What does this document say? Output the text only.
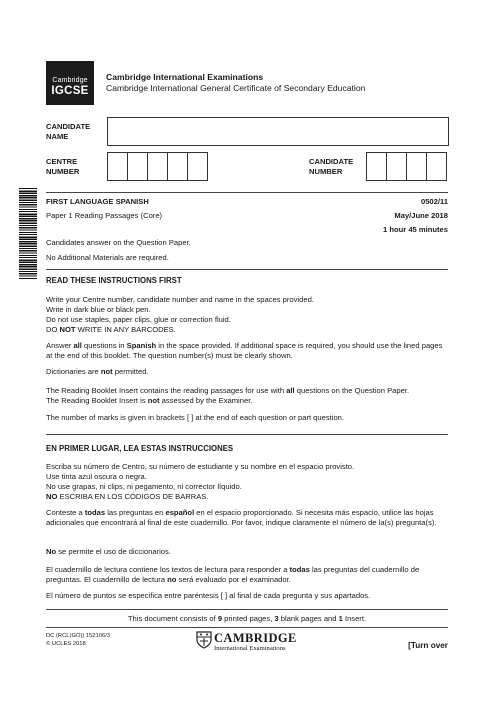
Cambridge
IGCSE
Cambridge International Examinations
Cambridge International General Certificate of Secondary Education
CANDIDATE
NAME
CENTRE
NUMBER
CANDIDATE
NUMBER
FIRST LANGUAGE SPANISH	0502/11
Paper 1 Reading Passages (Core)	May/June 2018
1 hour 45 minutes
Candidates answer on the Question Paper.
No Additional Materials are required.
READ THESE INSTRUCTIONS FIRST
Write your Centre number, candidate number and name in the spaces provided.
Write in dark blue or black pen.
Do not use staples, paper clips, glue or correction fluid.
DO NOT WRITE IN ANY BARCODES.
Answer all questions in Spanish in the space provided. If additional space is required, you should use the lined pages at the end of this booklet. The question number(s) must be clearly shown.
Dictionaries are not permitted.
The Reading Booklet Insert contains the reading passages for use with all questions on the Question Paper.
The Reading Booklet Insert is not assessed by the Examiner.
The number of marks is given in brackets [ ] at the end of each question or part question.
EN PRIMER LUGAR, LEA ESTAS INSTRUCCIONES
Escriba su número de Centro, su número de estudiante y su nombre en el espacio provisto.
Use tinta azul oscura o negra.
No use grapas, ni clips, ni pegamento, ni corrector líquido.
NO ESCRIBA EN LOS CÓDIGOS DE BARRAS.
Conteste a todas las preguntas en español en el espacio proporcionado. Si necesita más espacio, utilice las hojas adicionales que encontrará al final de este cuadernillo. Por favor, indique claramente el número de la(s) pregunta(s).
No se permite el uso de diccionarios.
El cuadernillo de lectura contiene los textos de lectura para responder a todas las preguntas del cuadernillo de preguntas. El cuadernillo de lectura no será evaluado por el examinador.
El número de puntos se especifica entre paréntesis [ ] al final de cada pregunta y sus apartados.
This document consists of 9 printed pages, 3 blank pages and 1 Insert.
DC (RCL(GO)) 152106/3
© UCLES 2018	CAMBRIDGE
International Examinations	[Turn over
